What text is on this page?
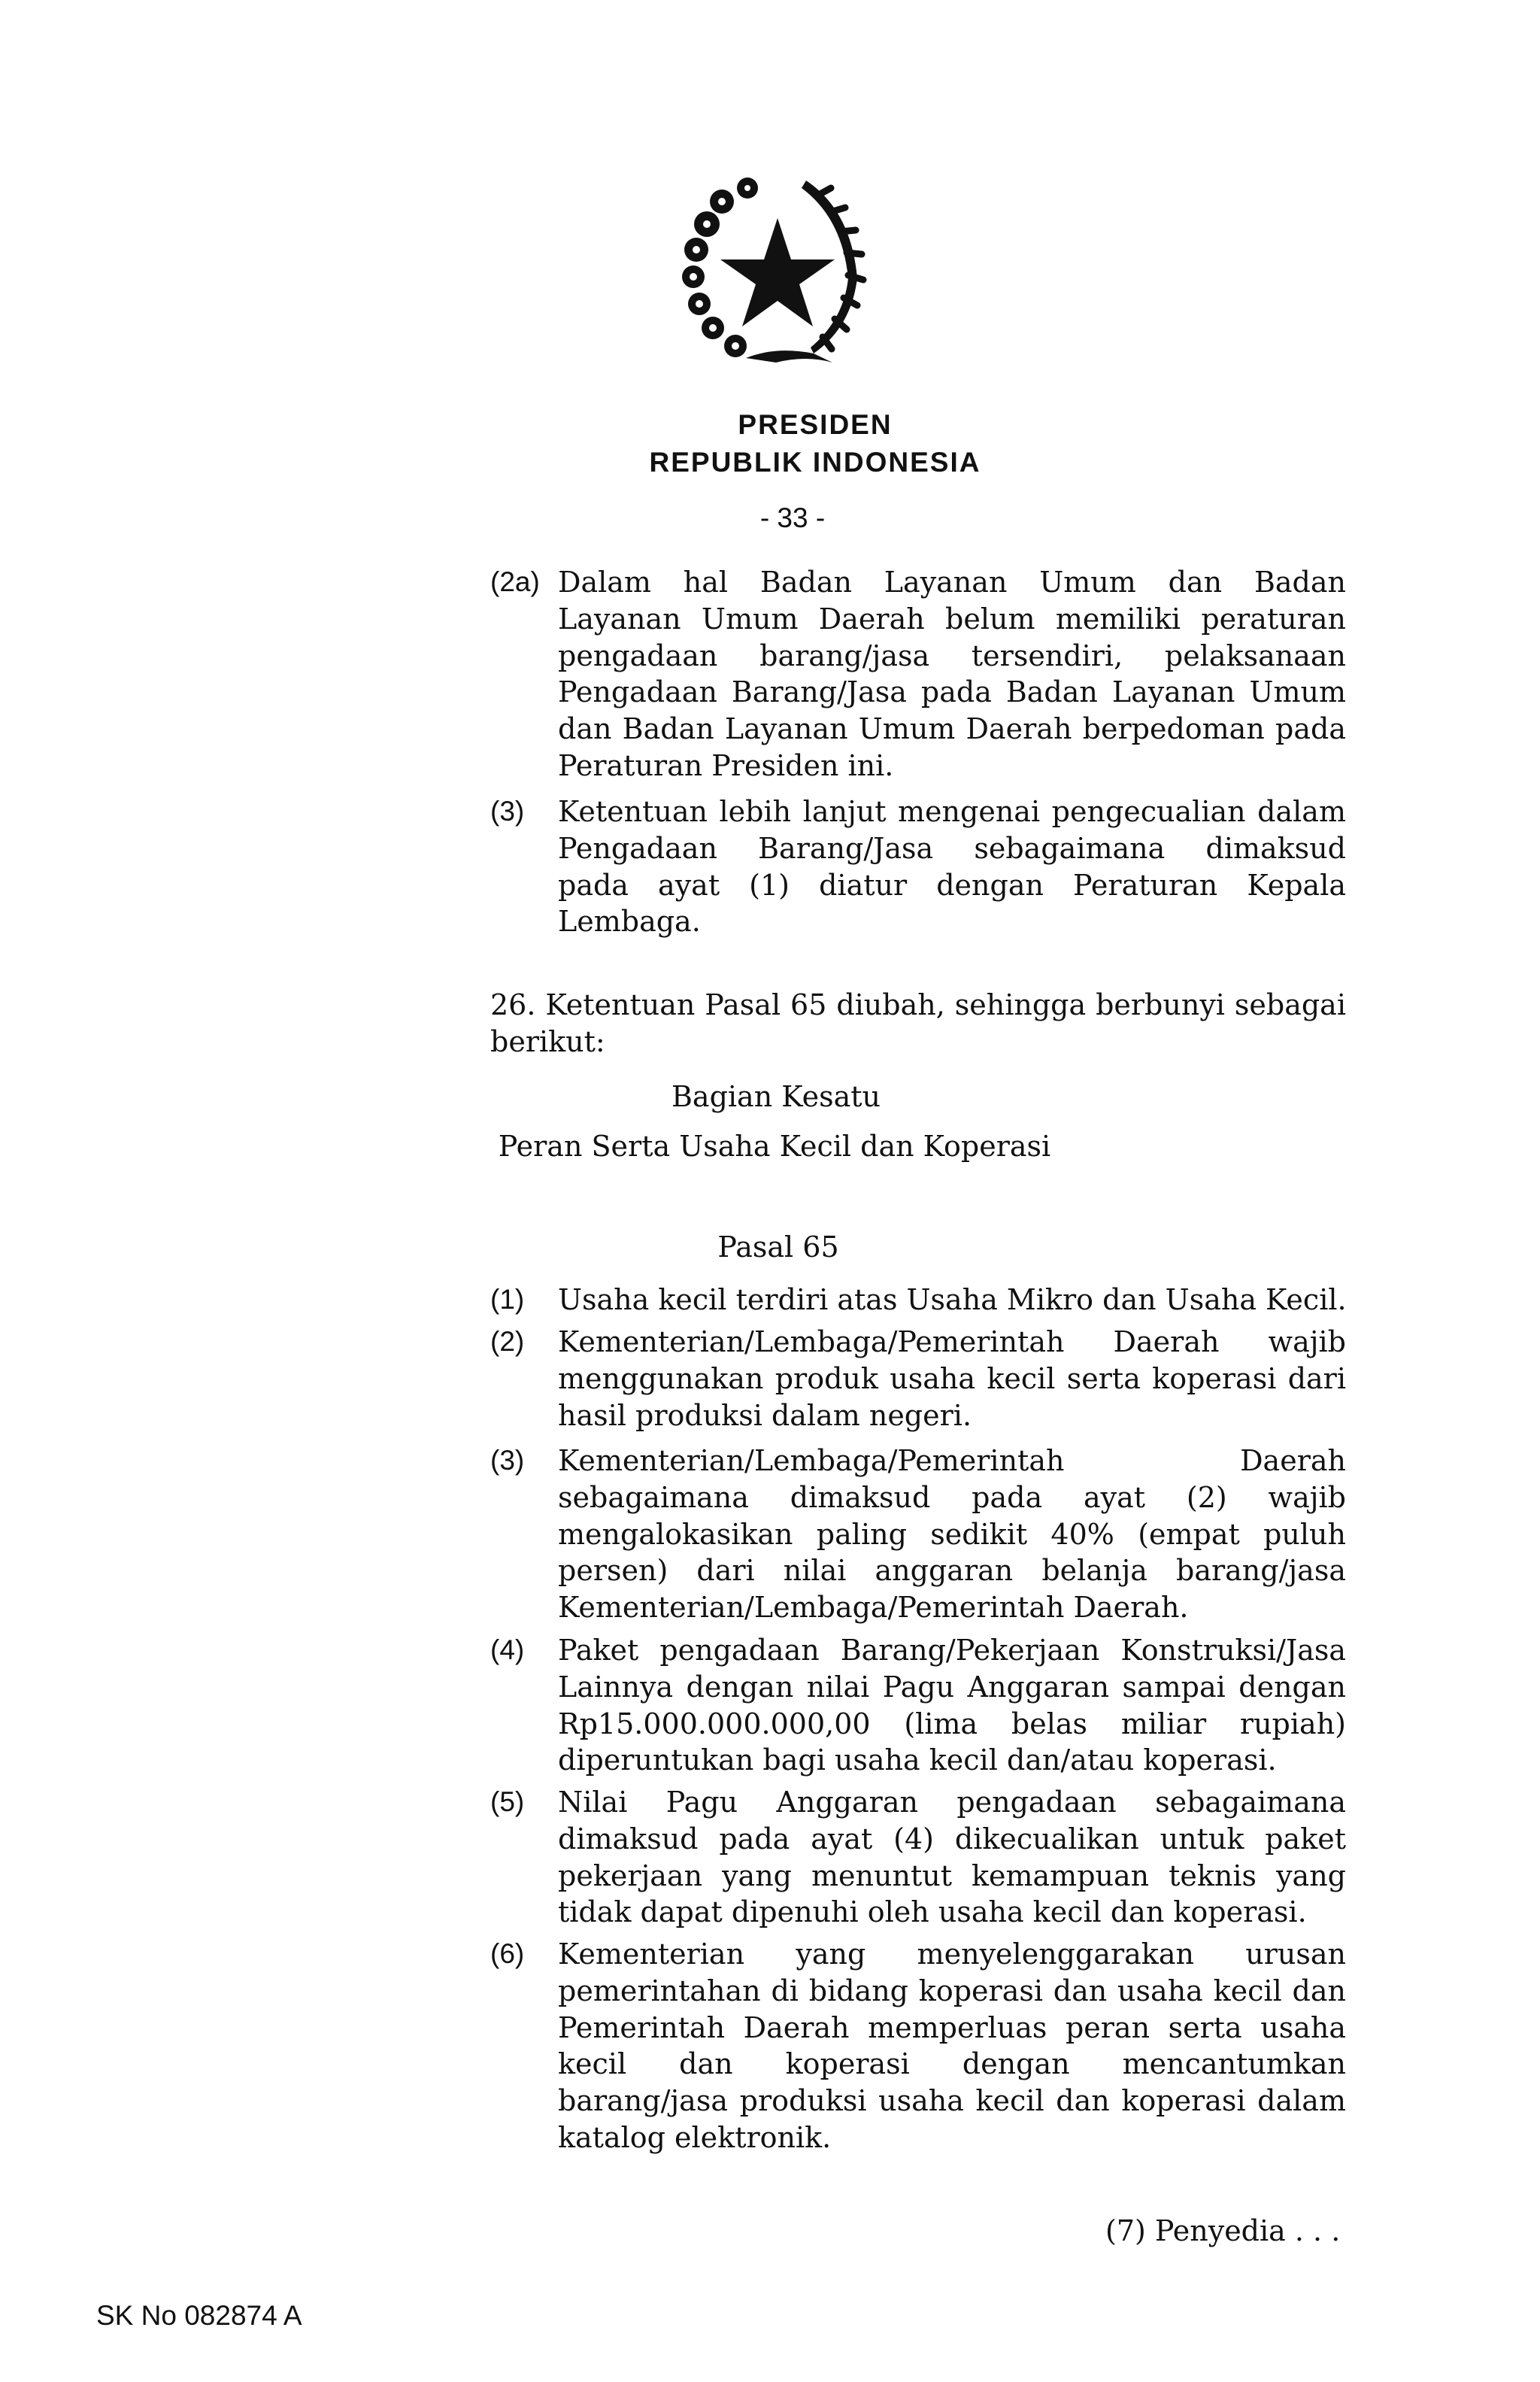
PRESIDEN
REPUBLIK INDONESIA
- 33 -
(2a) Dalam hal Badan Layanan Umum dan Badan
Layanan Umum Daerah belum memiliki peraturan
pengadaan barang/jasa tersendiri, pelaksanaan
Pengadaan Barang/Jasa pada Badan Layanan Umum
dan Badan Layanan Umum Daerah berpedoman pada
Peraturan Presiden ini.
(3) Ketentuan lebih lanjut mengenai pengecualian dalam
Pengadaan Barang/Jasa sebagaimana dimaksud
pada ayat (1) diatur dengan Peraturan Kepala
Lembaga.
26. Ketentuan Pasal 65 diubah, sehingga berbunyi sebagai
berikut:
Bagian Kesatu
Peran Serta Usaha Kecil dan Koperasi
Pasal 65
(1) Usaha kecil terdiri atas Usaha Mikro dan Usaha Kecil.
(2) Kementerian/Lembaga/Pemerintah Daerah wajib
menggunakan produk usaha kecil serta koperasi dari
hasil produksi dalam negeri.
(3) Kementerian/Lembaga/Pemerintah Daerah
sebagaimana dimaksud pada ayat (2) wajib
mengalokasikan paling sedikit 40% (empat puluh
persen) dari nilai anggaran belanja barang/jasa
Kementerian/Lembaga/Pemerintah Daerah.
(4) Paket pengadaan Barang/Pekerjaan Konstruksi/Jasa
Lainnya dengan nilai Pagu Anggaran sampai dengan
Rp15.000.000.000,00 (lima belas miliar rupiah)
diperuntukan bagi usaha kecil dan/atau koperasi.
(5) Nilai Pagu Anggaran pengadaan sebagaimana
dimaksud pada ayat (4) dikecualikan untuk paket
pekerjaan yang menuntut kemampuan teknis yang
tidak dapat dipenuhi oleh usaha kecil dan koperasi.
(6) Kementerian yang menyelenggarakan urusan
pemerintahan di bidang koperasi dan usaha kecil dan
Pemerintah Daerah memperluas peran serta usaha
kecil dan koperasi dengan mencantumkan
barang/jasa produksi usaha kecil dan koperasi dalam
katalog elektronik.
(7) Penyedia . . .
SK No 082874 A
